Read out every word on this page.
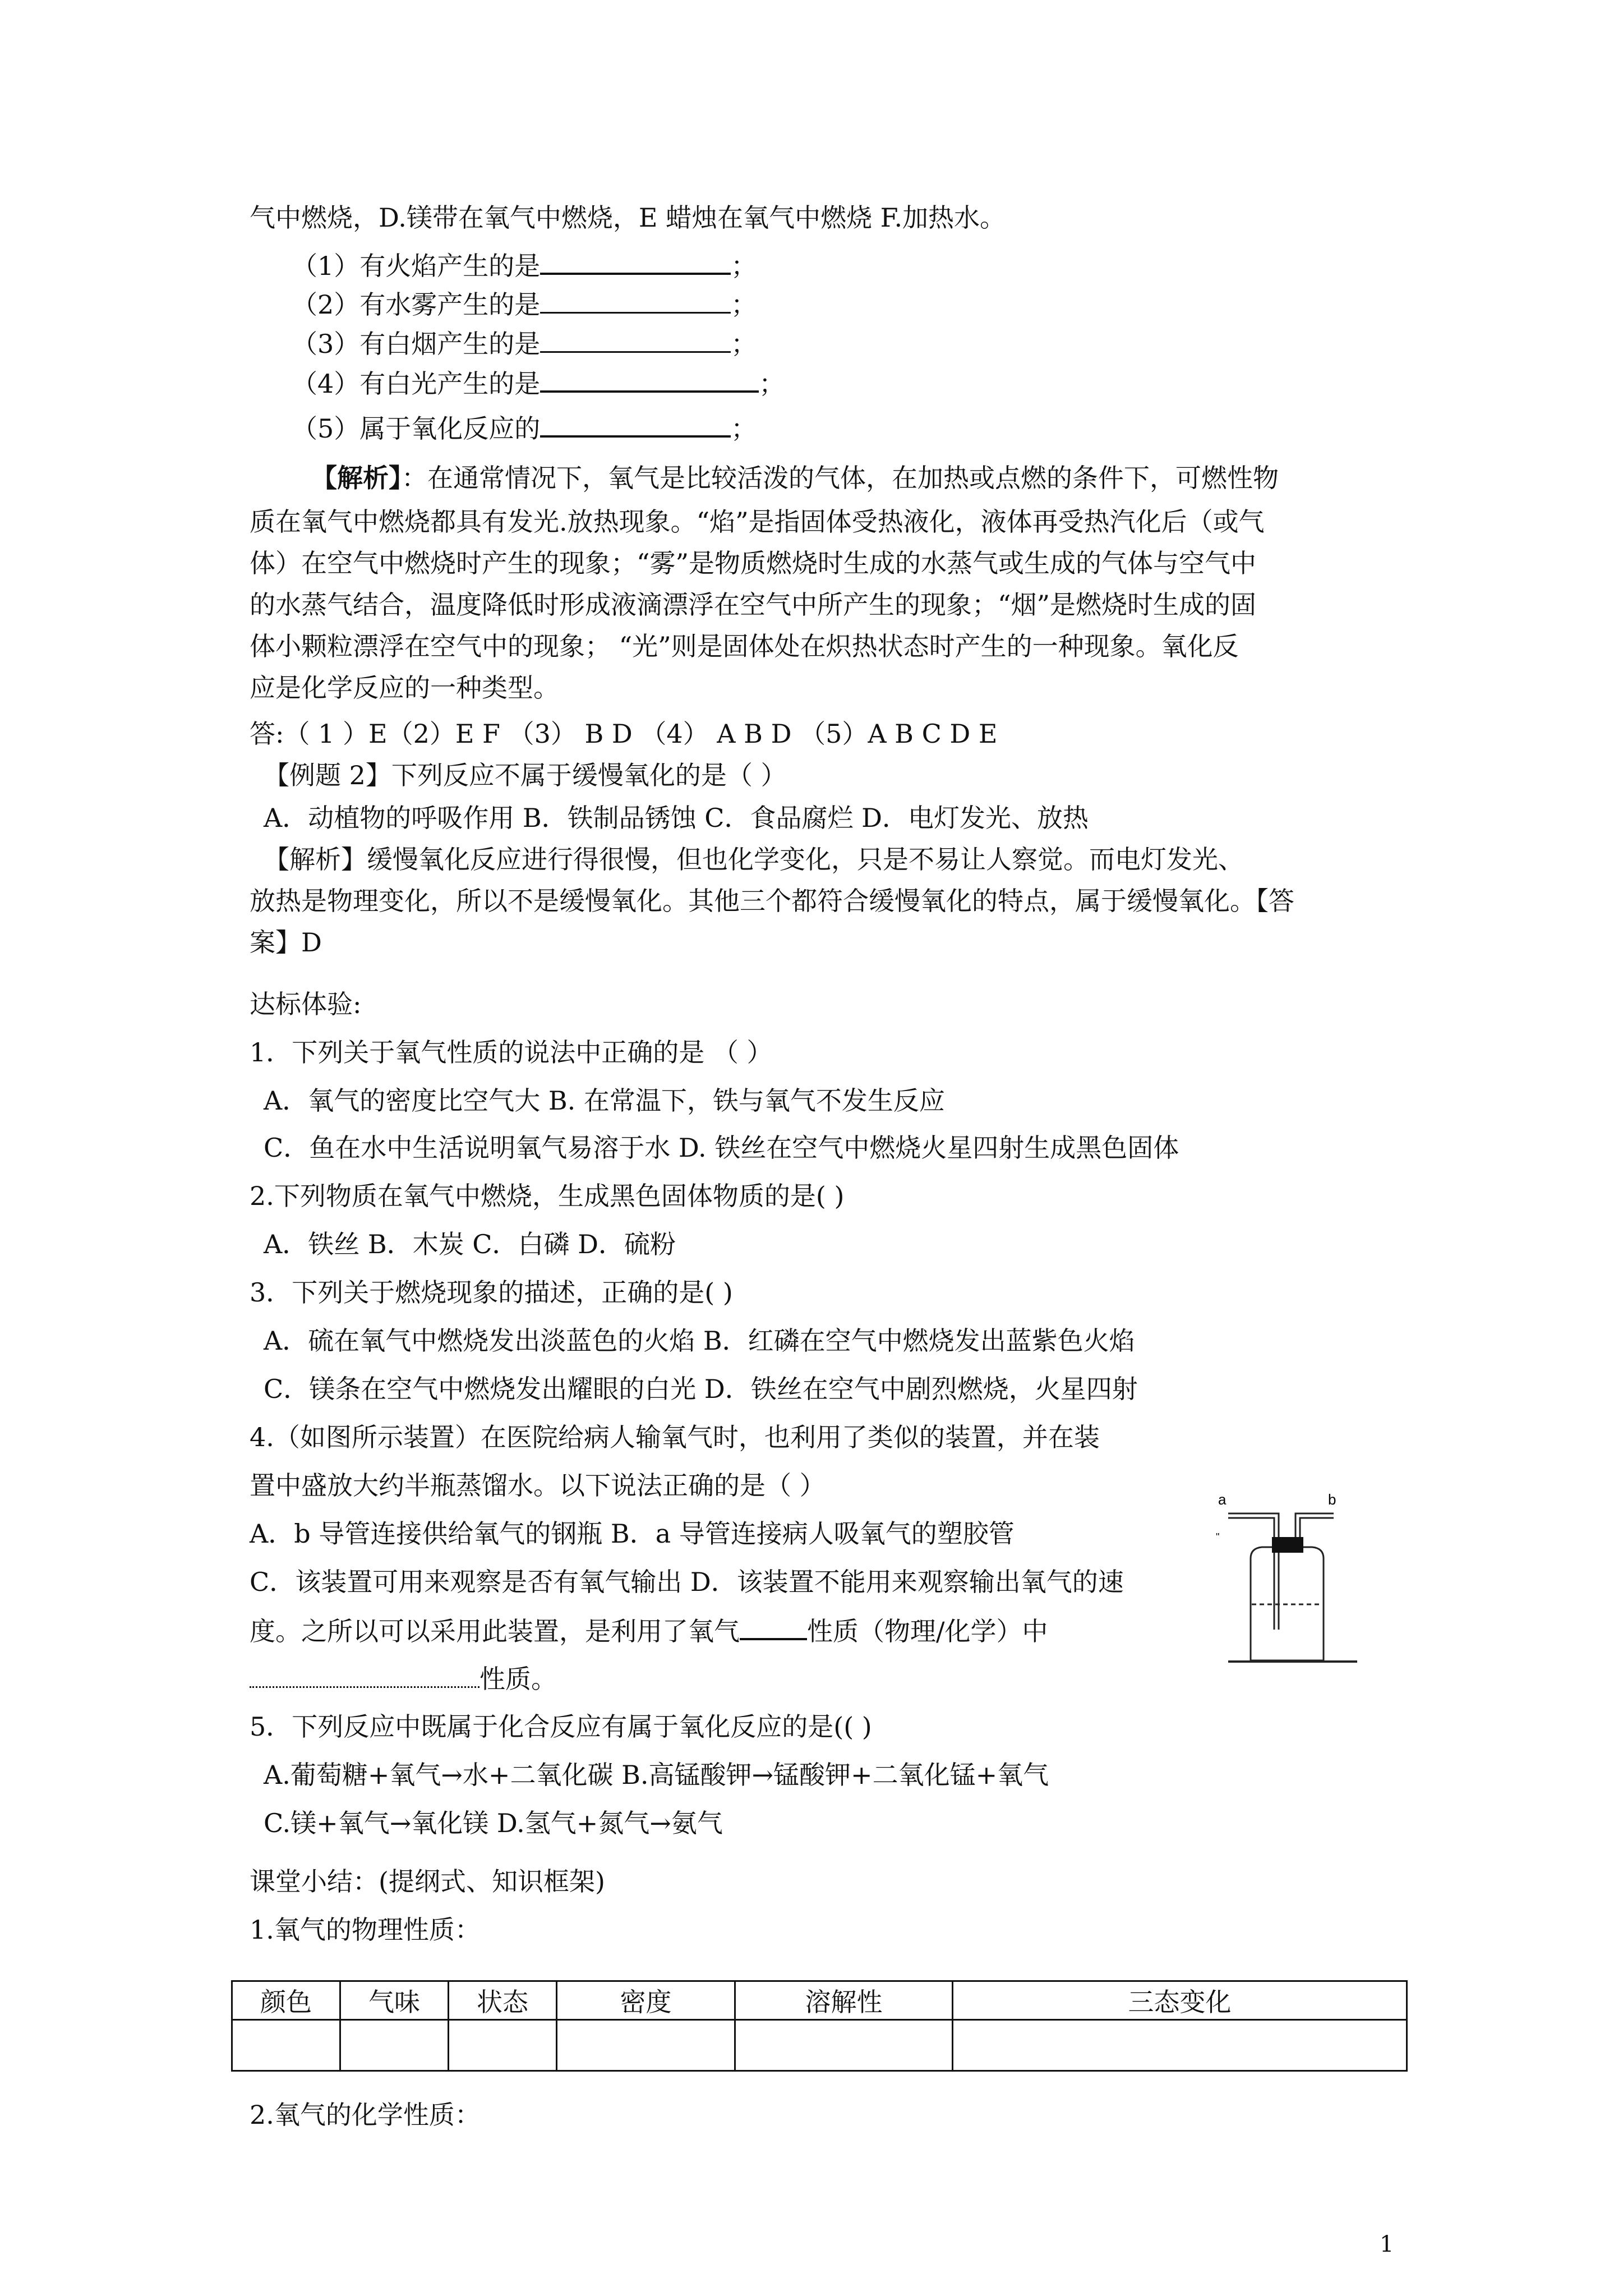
气中燃烧，D.镁带在氧气中燃烧，E 蜡烛在氧气中燃烧 F.加热水。
（1）有火焰产生的是	；
（2）有水雾产生的是	；
（3）有白烟产生的是	；
（4）有白光产生的是	；
（5）属于氧化反应的	；
【解析】：在通常情况下，氧气是比较活泼的气体，在加热或点燃的条件下，可燃性物
质在氧气中燃烧都具有发光.放热现象。“焰”是指固体受热液化，液体再受热汽化后（或气
体）在空气中燃烧时产生的现象；“雾”是物质燃烧时生成的水蒸气或生成的气体与空气中
的水蒸气结合，温度降低时形成液滴漂浮在空气中所产生的现象；“烟”是燃烧时生成的固
体小颗粒漂浮在空气中的现象； “光”则是固体处在炽热状态时产生的一种现象。氧化反
应是化学反应的一种类型。
答:（ 1 ）E（2）E F （3） B D （4） A B D （5）A B C D E
【例题 2】下列反应不属于缓慢氧化的是（ ）
A．动植物的呼吸作用 B．铁制品锈蚀 C．食品腐烂 D．电灯发光、放热
【解析】缓慢氧化反应进行得很慢，但也化学变化，只是不易让人察觉。而电灯发光、
放热是物理变化，所以不是缓慢氧化。其他三个都符合缓慢氧化的特点，属于缓慢氧化。【答
案】D
达标体验:
1．下列关于氧气性质的说法中正确的是 （ ）
A．氧气的密度比空气大 B. 在常温下，铁与氧气不发生反应
C．鱼在水中生活说明氧气易溶于水 D. 铁丝在空气中燃烧火星四射生成黑色固体
2.下列物质在氧气中燃烧，生成黑色固体物质的是( )
A．铁丝 B．木炭 C．白磷 D．硫粉
3．下列关于燃烧现象的描述，正确的是( )
A．硫在氧气中燃烧发出淡蓝色的火焰 B．红磷在空气中燃烧发出蓝紫色火焰
C．镁条在空气中燃烧发出耀眼的白光 D．铁丝在空气中剧烈燃烧，火星四射
4.（如图所示装置）在医院给病人输氧气时，也利用了类似的装置，并在装
置中盛放大约半瓶蒸馏水。以下说法正确的是（ ）
A．b 导管连接供给氧气的钢瓶 B．a 导管连接病人吸氧气的塑胶管
C．该装置可用来观察是否有氧气输出 D．该装置不能用来观察输出氧气的速
度。之所以可以采用此装置，是利用了氧气	性质（物理/化学）中
性质。
5．下列反应中既属于化合反应有属于氧化反应的是(( )
A.葡萄糖+氧气→水+二氧化碳 B.高锰酸钾→锰酸钾+二氧化锰+氧气
C.镁+氧气→氧化镁 D.氢气+氮气→氨气
a	b
"
课堂小结：(提纲式、知识框架)
1.氧气的物理性质：
颜色	气味	状态	密度	溶解性	三态变化

2.氧气的化学性质：
1
